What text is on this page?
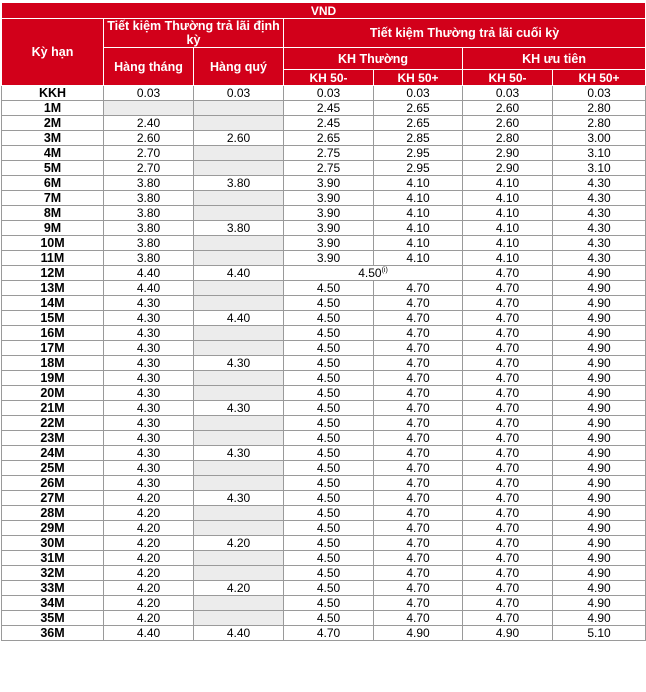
VND						
Kỳ hạn	Tiết kiệm Thường trả lãi định kỳ		Tiết kiệm Thường trả lãi cuối kỳ			
	Hàng tháng	Hàng quý	KH Thường		KH ưu tiên	
			KH 50-	KH 50+	KH 50-	KH 50+
KKH	0.03	0.03	0.03	0.03	0.03	0.03
1M			2.45	2.65	2.60	2.80
2M	2.40		2.45	2.65	2.60	2.80
3M	2.60	2.60	2.65	2.85	2.80	3.00
4M	2.70		2.75	2.95	2.90	3.10
5M	2.70		2.75	2.95	2.90	3.10
6M	3.80	3.80	3.90	4.10	4.10	4.30
7M	3.80		3.90	4.10	4.10	4.30
8M	3.80		3.90	4.10	4.10	4.30
9M	3.80	3.80	3.90	4.10	4.10	4.30
10M	3.80		3.90	4.10	4.10	4.30
11M	3.80		3.90	4.10	4.10	4.30
12M	4.40	4.40	4.50$^{(i)}$		4.70	4.90
13M	4.40		4.50	4.70	4.70	4.90
14M	4.30		4.50	4.70	4.70	4.90
15M	4.30	4.40	4.50	4.70	4.70	4.90
16M	4.30		4.50	4.70	4.70	4.90
17M	4.30		4.50	4.70	4.70	4.90
18M	4.30	4.30	4.50	4.70	4.70	4.90
19M	4.30		4.50	4.70	4.70	4.90
20M	4.30		4.50	4.70	4.70	4.90
21M	4.30	4.30	4.50	4.70	4.70	4.90
22M	4.30		4.50	4.70	4.70	4.90
23M	4.30		4.50	4.70	4.70	4.90
24M	4.30	4.30	4.50	4.70	4.70	4.90
25M	4.30		4.50	4.70	4.70	4.90
26M	4.30		4.50	4.70	4.70	4.90
27M	4.20	4.30	4.50	4.70	4.70	4.90
28M	4.20		4.50	4.70	4.70	4.90
29M	4.20		4.50	4.70	4.70	4.90
30M	4.20	4.20	4.50	4.70	4.70	4.90
31M	4.20		4.50	4.70	4.70	4.90
32M	4.20		4.50	4.70	4.70	4.90
33M	4.20	4.20	4.50	4.70	4.70	4.90
34M	4.20		4.50	4.70	4.70	4.90
35M	4.20		4.50	4.70	4.70	4.90
36M	4.40	4.40	4.70	4.90	4.90	5.10
